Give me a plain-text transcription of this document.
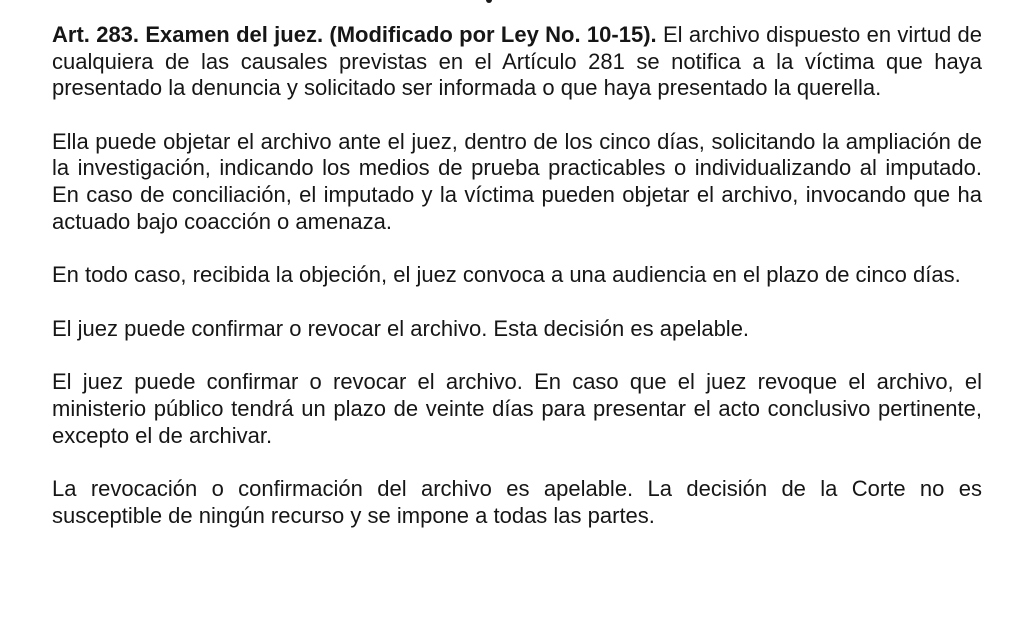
Art. 283. Examen del juez. (Modificado por Ley No. 10-15). El archivo dispuesto en virtud de cualquiera de las causales previstas en el Artículo 281 se notifica a la víctima que haya presentado la denuncia y solicitado ser informada o que haya presentado la querella.

Ella puede objetar el archivo ante el juez, dentro de los cinco días, solicitando la ampliación de la investigación, indicando los medios de prueba practicables o individualizando al imputado. En caso de conciliación, el imputado y la víctima pueden objetar el archivo, invocando que ha actuado bajo coacción o amenaza.

En todo caso, recibida la objeción, el juez convoca a una audiencia en el plazo de cinco días.

El juez puede confirmar o revocar el archivo. Esta decisión es apelable.

El juez puede confirmar o revocar el archivo. En caso que el juez revoque el archivo, el ministerio público tendrá un plazo de veinte días para presentar el acto conclusivo pertinente, excepto el de archivar.

La revocación o confirmación del archivo es apelable. La decisión de la Corte no es susceptible de ningún recurso y se impone a todas las partes.
